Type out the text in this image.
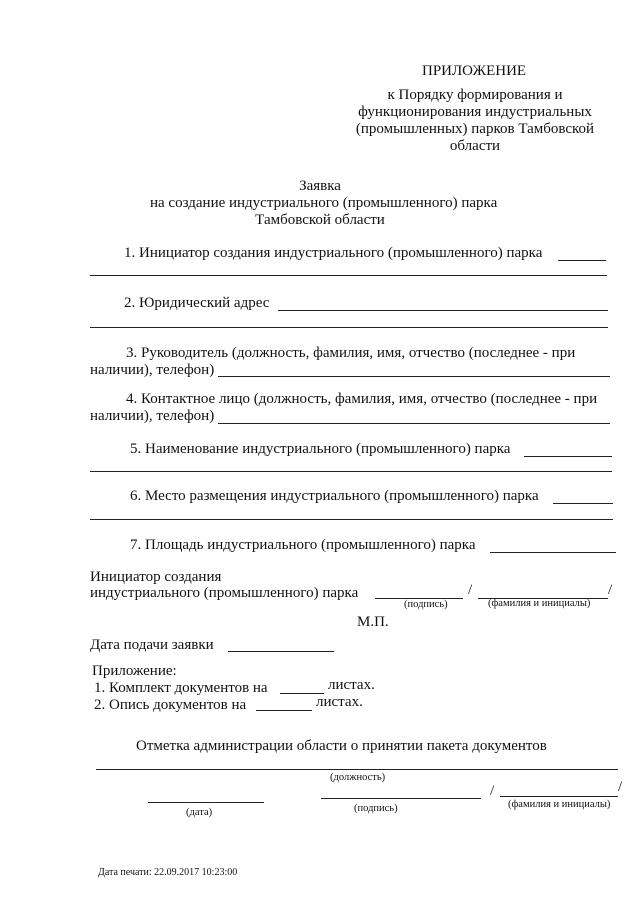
ПРИЛОЖЕНИЕ
к Порядку формирования и
функционирования индустриальных
(промышленных) парков Тамбовской
области
Заявка
на создание индустриального (промышленного) парка
Тамбовской области
1. Инициатор создания индустриального (промышленного) парка
2. Юридический адрес
3. Руководитель (должность, фамилия, имя, отчество (последнее - при
наличии), телефон)
4. Контактное лицо (должность, фамилия, имя, отчество (последнее - при
наличии), телефон)
5. Наименование индустриального (промышленного) парка
6. Место размещения индустриального (промышленного) парка
7. Площадь индустриального (промышленного) парка
Инициатор создания
индустриального (промышленного) парка	/	/
(подпись)	(фамилия и инициалы)
М.П.
Дата подачи заявки
Приложение:
1. Комплект документов на	листах.
2. Опись документов на	листах.
Отметка администрации области о принятии пакета документов
(должность)
/	/
(дата)	(подпись)	(фамилия и инициалы)
Дата печати: 22.09.2017 10:23:00
